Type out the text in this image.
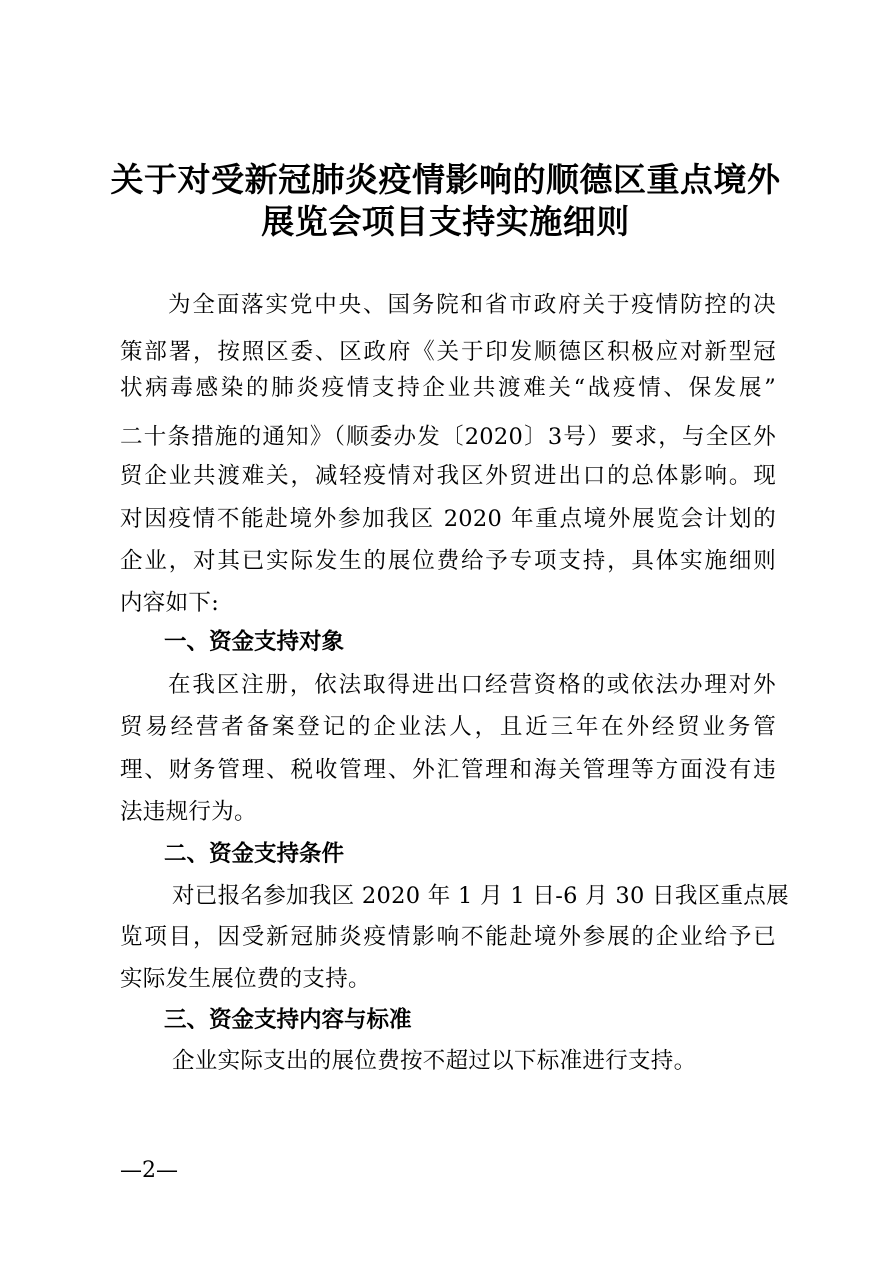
关于对受新冠肺炎疫情影响的顺德区重点境外
展览会项目支持实施细则
为全面落实党中央、国务院和省市政府关于疫情防控的决
策部署，按照区委、区政府《关于印发顺德区积极应对新型冠
状病毒感染的肺炎疫情支持企业共渡难关“战疫情、保发展”
二十条措施的通知》（顺委办发〔2020〕3号）要求，与全区外
贸企业共渡难关，减轻疫情对我区外贸进出口的总体影响。现
对因疫情不能赴境外参加我区 2020 年重点境外展览会计划的
企业，对其已实际发生的展位费给予专项支持，具体实施细则
内容如下:
一、资金支持对象
在我区注册，依法取得进出口经营资格的或依法办理对外
贸易经营者备案登记的企业法人，且近三年在外经贸业务管
理、财务管理、税收管理、外汇管理和海关管理等方面没有违
法违规行为。
二、资金支持条件
对已报名参加我区 2020 年 1 月 1 日-6 月 30 日我区重点展
览项目，因受新冠肺炎疫情影响不能赴境外参展的企业给予已
实际发生展位费的支持。
三、资金支持内容与标准
企业实际支出的展位费按不超过以下标准进行支持。
—2—
